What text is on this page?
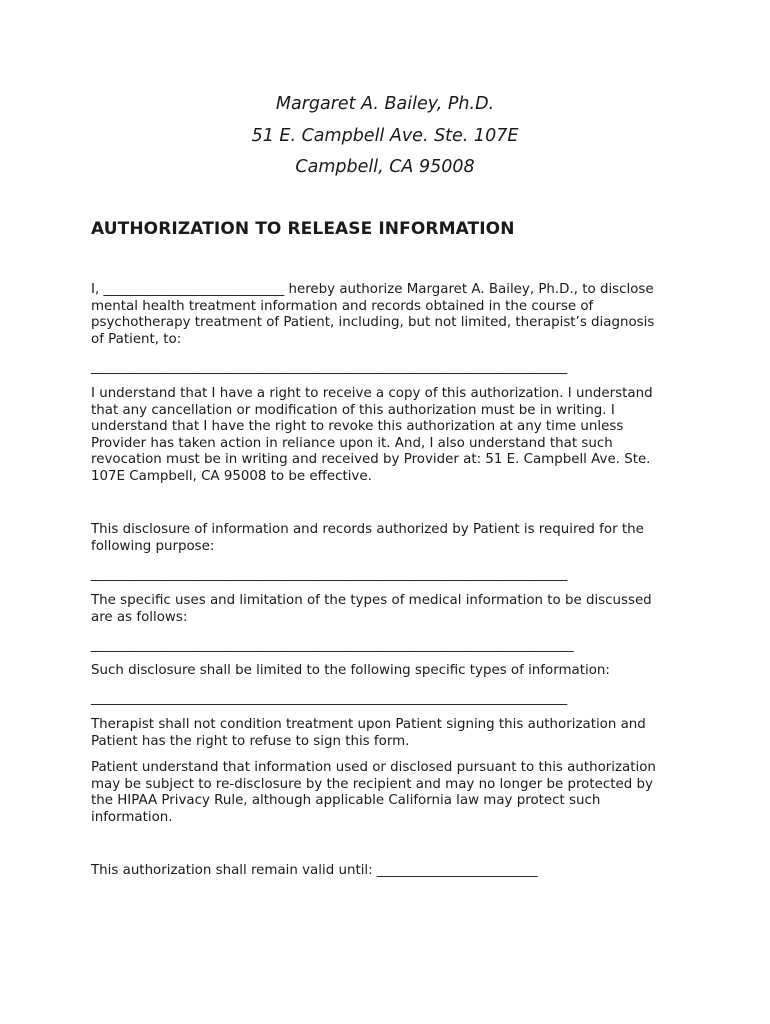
Margaret A. Bailey, Ph.D.
51 E. Campbell Ave. Ste. 107E
Campbell, CA 95008
AUTHORIZATION TO RELEASE INFORMATION
I, ___________________________ hereby authorize Margaret A. Bailey, Ph.D., to disclose
mental health treatment information and records obtained in the course of
psychotherapy treatment of Patient, including, but not limited, therapist’s diagnosis
of Patient, to:
___________________________________________________________________________
I understand that I have a right to receive a copy of this authorization. I understand
that any cancellation or modification of this authorization must be in writing. I
understand that I have the right to revoke this authorization at any time unless
Provider has taken action in reliance upon it. And, I also understand that such
revocation must be in writing and received by Provider at: 51 E. Campbell Ave. Ste.
107E Campbell, CA 95008 to be effective.
This disclosure of information and records authorized by Patient is required for the
following purpose:
___________________________________________________________________________
The specific uses and limitation of the types of medical information to be discussed
are as follows:
____________________________________________________________________________
Such disclosure shall be limited to the following specific types of information:
___________________________________________________________________________
Therapist shall not condition treatment upon Patient signing this authorization and
Patient has the right to refuse to sign this form.
Patient understand that information used or disclosed pursuant to this authorization
may be subject to re-disclosure by the recipient and may no longer be protected by
the HIPAA Privacy Rule, although applicable California law may protect such
information.
This authorization shall remain valid until: ________________________
